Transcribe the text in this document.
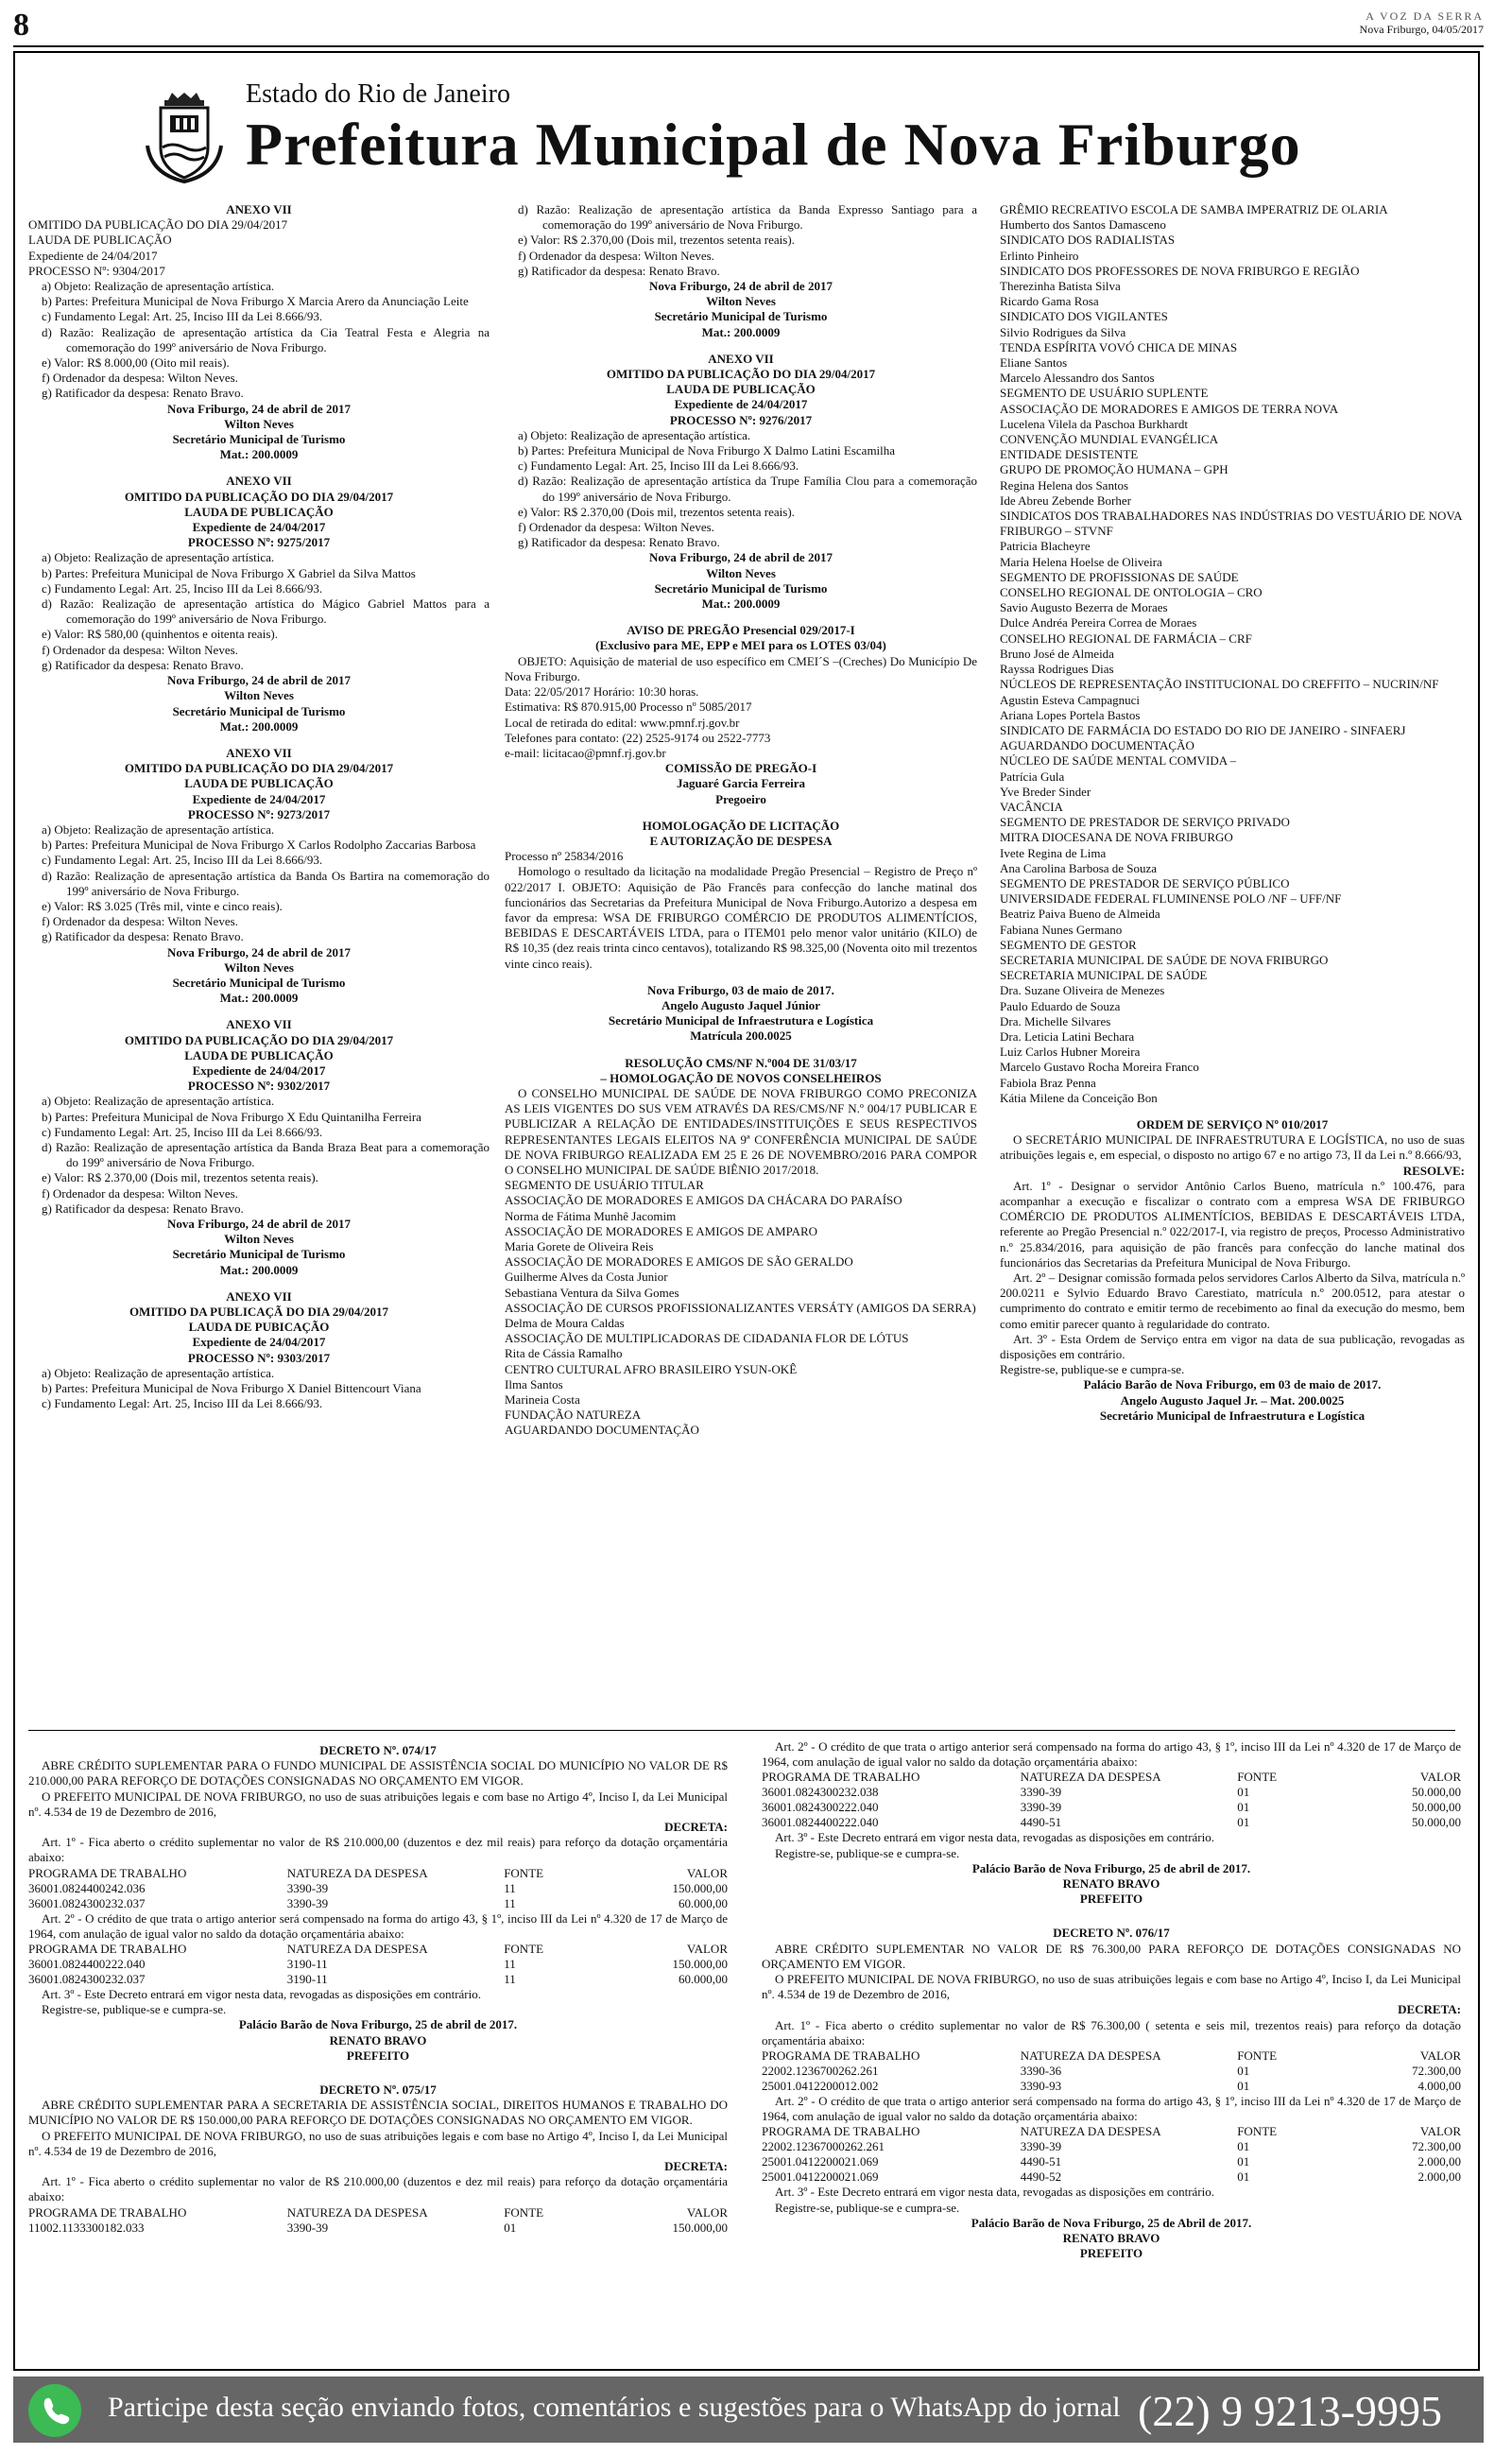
8	A VOZ DA SERRA
Nova Friburgo, 04/05/2017
Estado do Rio de Janeiro
Prefeitura Municipal de Nova Friburgo

ANEXO VII

OMITIDO DA PUBLICAÇÃO DO DIA 29/04/2017

LAUDA DE PUBLICAÇÃO

Expediente de 24/04/2017

PROCESSO Nº: 9304/2017

a) Objeto: Realização de apresentação artística.

b) Partes: Prefeitura Municipal de Nova Friburgo X Marcia Arero da Anunciação Leite

c) Fundamento Legal: Art. 25, Inciso III da Lei 8.666/93.

d) Razão: Realização de apresentação artística da Cia Teatral Festa e Alegria na comemoração do 199º aniversário de Nova Friburgo.

e) Valor: R$ 8.000,00 (Oito mil reais).

f) Ordenador da despesa: Wilton Neves.

g) Ratificador da despesa: Renato Bravo.

Nova Friburgo, 24 de abril de 2017

Wilton Neves

Secretário Municipal de Turismo

Mat.: 200.0009

ANEXO VII

OMITIDO DA PUBLICAÇÃO DO DIA 29/04/2017

LAUDA DE PUBLICAÇÃO

Expediente de 24/04/2017

PROCESSO Nº: 9275/2017

a) Objeto: Realização de apresentação artística.

b) Partes: Prefeitura Municipal de Nova Friburgo X Gabriel da Silva Mattos

c) Fundamento Legal: Art. 25, Inciso III da Lei 8.666/93.

d) Razão: Realização de apresentação artística do Mágico Gabriel Mattos para a comemoração do 199º aniversário de Nova Friburgo.

e) Valor: R$ 580,00 (quinhentos e oitenta reais).

f) Ordenador da despesa: Wilton Neves.

g) Ratificador da despesa: Renato Bravo.

Nova Friburgo, 24 de abril de 2017

Wilton Neves

Secretário Municipal de Turismo

Mat.: 200.0009

ANEXO VII

OMITIDO DA PUBLICAÇÃO DO DIA 29/04/2017

LAUDA DE PUBLICAÇÃO

Expediente de 24/04/2017

PROCESSO Nº: 9273/2017

a) Objeto: Realização de apresentação artística.

b) Partes: Prefeitura Municipal de Nova Friburgo X Carlos Rodolpho Zaccarias Barbosa

c) Fundamento Legal: Art. 25, Inciso III da Lei 8.666/93.

d) Razão: Realização de apresentação artística da Banda Os Bartira na comemoração do 199º aniversário de Nova Friburgo.

e) Valor: R$ 3.025 (Três mil, vinte e cinco reais).

f) Ordenador da despesa: Wilton Neves.

g) Ratificador da despesa: Renato Bravo.

Nova Friburgo, 24 de abril de 2017

Wilton Neves

Secretário Municipal de Turismo

Mat.: 200.0009

ANEXO VII

OMITIDO DA PUBLICAÇÃO DO DIA 29/04/2017

LAUDA DE PUBLICAÇÃO

Expediente de 24/04/2017

PROCESSO Nº: 9302/2017

a) Objeto: Realização de apresentação artística.

b) Partes: Prefeitura Municipal de Nova Friburgo X Edu Quintanilha Ferreira

c) Fundamento Legal: Art. 25, Inciso III da Lei 8.666/93.

d) Razão: Realização de apresentação artística da Banda Braza Beat para a comemoração do 199º aniversário de Nova Friburgo.

e) Valor: R$ 2.370,00 (Dois mil, trezentos setenta reais).

f) Ordenador da despesa: Wilton Neves.

g) Ratificador da despesa: Renato Bravo.

Nova Friburgo, 24 de abril de 2017

Wilton Neves

Secretário Municipal de Turismo

Mat.: 200.0009

ANEXO VII

OMITIDO DA PUBLICAÇÃ DO DIA 29/04/2017

LAUDA DE PUBICAÇÃO

Expediente de 24/04/2017

PROCESSO Nº: 9303/2017

a) Objeto: Realização de apresentação artística.

b) Partes: Prefeitura Municipal de Nova Friburgo X Daniel Bittencourt Viana

c) Fundamento Legal: Art. 25, Inciso III da Lei 8.666/93.

d) Razão: Realização de apresentação artística da Banda Expresso Santiago para a comemoração do 199º aniversário de Nova Friburgo.

e) Valor: R$ 2.370,00 (Dois mil, trezentos setenta reais).

f) Ordenador da despesa: Wilton Neves.

g) Ratificador da despesa: Renato Bravo.

Nova Friburgo, 24 de abril de 2017

Wilton Neves

Secretário Municipal de Turismo

Mat.: 200.0009

ANEXO VII

OMITIDO DA PUBLICAÇÃO DO DIA 29/04/2017

LAUDA DE PUBLICAÇÃO

Expediente de 24/04/2017

PROCESSO Nº: 9276/2017

a) Objeto: Realização de apresentação artística.

b) Partes: Prefeitura Municipal de Nova Friburgo X Dalmo Latini Escamilha

c) Fundamento Legal: Art. 25, Inciso III da Lei 8.666/93.

d) Razão: Realização de apresentação artística da Trupe Família Clou para a comemoração do 199º aniversário de Nova Friburgo.

e) Valor: R$ 2.370,00 (Dois mil, trezentos setenta reais).

f) Ordenador da despesa: Wilton Neves.

g) Ratificador da despesa: Renato Bravo.

Nova Friburgo, 24 de abril de 2017

Wilton Neves

Secretário Municipal de Turismo

Mat.: 200.0009

AVISO DE PREGÃO Presencial 029/2017-I

(Exclusivo para ME, EPP e MEI para os LOTES 03/04)

OBJETO: Aquisição de material de uso específico em CMEI´S –(Creches) Do Município De Nova Friburgo.

Data: 22/05/2017 Horário: 10:30 horas.

Estimativa: R$ 870.915,00 Processo nº 5085/2017

Local de retirada do edital: www.pmnf.rj.gov.br

Telefones para contato: (22) 2525-9174 ou 2522-7773

e-mail: licitacao@pmnf.rj.gov.br

COMISSÃO DE PREGÃO-I

Jaguaré Garcia Ferreira

Pregoeiro

HOMOLOGAÇÃO DE LICITAÇÃO

E AUTORIZAÇÃO DE DESPESA

Processo nº 25834/2016

Homologo o resultado da licitação na modalidade Pregão Presencial – Registro de Preço nº 022/2017 I. OBJETO: Aquisição de Pão Francês para confecção do lanche matinal dos funcionários das Secretarias da Prefeitura Municipal de Nova Friburgo.Autorizo a despesa em favor da empresa: WSA DE FRIBURGO COMÉRCIO DE PRODUTOS ALIMENTÍCIOS, BEBIDAS E DESCARTÁVEIS LTDA, para o ITEM01 pelo menor valor unitário (KILO) de R$ 10,35 (dez reais trinta cinco centavos), totalizando R$ 98.325,00 (Noventa oito mil trezentos vinte cinco reais).

Nova Friburgo, 03 de maio de 2017.

Angelo Augusto Jaquel Júnior

Secretário Municipal de Infraestrutura e Logística

Matrícula 200.0025

RESOLUÇÃO CMS/NF N.º004 DE 31/03/17

– HOMOLOGAÇÃO DE NOVOS CONSELHEIROS

O CONSELHO MUNICIPAL DE SAÚDE DE NOVA FRIBURGO COMO PRECONIZA AS LEIS VIGENTES DO SUS VEM ATRAVÉS DA RES/CMS/NF N.º 004/17 PUBLICAR E PUBLICIZAR A RELAÇÃO DE ENTIDADES/INSTITUIÇÕES E SEUS RESPECTIVOS REPRESENTANTES LEGAIS ELEITOS NA 9ª CONFERÊNCIA MUNICIPAL DE SAÚDE DE NOVA FRIBURGO REALIZADA EM 25 E 26 DE NOVEMBRO/2016 PARA COMPOR O CONSELHO MUNICIPAL DE SAÚDE BIÊNIO 2017/2018.

SEGMENTO DE USUÁRIO TITULAR

ASSOCIAÇÃO DE MORADORES E AMIGOS DA CHÁCARA DO PARAÍSO

Norma de Fátima Munhê Jacomim

ASSOCIAÇÃO DE MORADORES E AMIGOS DE AMPARO

Maria Gorete de Oliveira Reis

ASSOCIAÇÃO DE MORADORES E AMIGOS DE SÃO GERALDO

Guilherme Alves da Costa Junior

Sebastiana Ventura da Silva Gomes

ASSOCIAÇÃO DE CURSOS PROFISSIONALIZANTES VERSÁTY (AMIGOS DA SERRA)

Delma de Moura Caldas

ASSOCIAÇÃO DE MULTIPLICADORAS DE CIDADANIA FLOR DE LÓTUS

Rita de Cássia Ramalho

CENTRO CULTURAL AFRO BRASILEIRO YSUN-OKÊ

Ilma Santos

Marineia Costa

FUNDAÇÃO NATUREZA

AGUARDANDO DOCUMENTAÇÃO

GRÊMIO RECREATIVO ESCOLA DE SAMBA IMPERATRIZ DE OLARIA

Humberto dos Santos Damasceno

SINDICATO DOS RADIALISTAS

Erlinto Pinheiro

SINDICATO DOS PROFESSORES DE NOVA FRIBURGO E REGIÃO

Therezinha Batista Silva

Ricardo Gama Rosa

SINDICATO DOS VIGILANTES

Silvio Rodrigues da Silva

TENDA ESPÍRITA VOVÓ CHICA DE MINAS

Eliane Santos

Marcelo Alessandro dos Santos

SEGMENTO DE USUÁRIO SUPLENTE

ASSOCIAÇÃO DE MORADORES E AMIGOS DE TERRA NOVA

Lucelena Vilela da Paschoa Burkhardt

CONVENÇÃO MUNDIAL EVANGÉLICA

ENTIDADE DESISTENTE

GRUPO DE PROMOÇÃO HUMANA – GPH

Regina Helena dos Santos

Ide Abreu Zebende Borher

SINDICATOS DOS TRABALHADORES NAS INDÚSTRIAS DO VESTUÁRIO DE NOVA FRIBURGO – STVNF

Patricia Blacheyre

Maria Helena Hoelse de Oliveira

SEGMENTO DE PROFISSIONAS DE SAÚDE

CONSELHO REGIONAL DE ONTOLOGIA – CRO

Savio Augusto Bezerra de Moraes

Dulce Andréa Pereira Correa de Moraes

CONSELHO REGIONAL DE FARMÁCIA – CRF

Bruno José de Almeida

Rayssa Rodrigues Dias

NÚCLEOS DE REPRESENTAÇÃO INSTITUCIONAL DO CREFFITO – NUCRIN/NF

Agustin Esteva Campagnuci

Ariana Lopes Portela Bastos

SINDICATO DE FARMÁCIA DO ESTADO DO RIO DE JANEIRO - SINFAERJ

AGUARDANDO DOCUMENTAÇÃO

NÚCLEO DE SAÚDE MENTAL COMVIDA –

Patrícia Gula

Yve Breder Sinder

VACÂNCIA

SEGMENTO DE PRESTADOR DE SERVIÇO PRIVADO

MITRA DIOCESANA DE NOVA FRIBURGO

Ivete Regina de Lima

Ana Carolina Barbosa de Souza

SEGMENTO DE PRESTADOR DE SERVIÇO PÚBLICO

UNIVERSIDADE FEDERAL FLUMINENSE POLO /NF – UFF/NF

Beatriz Paiva Bueno de Almeida

Fabiana Nunes Germano

SEGMENTO DE GESTOR

SECRETARIA MUNICIPAL DE SAÚDE DE NOVA FRIBURGO

SECRETARIA MUNICIPAL DE SAÚDE

Dra. Suzane Oliveira de Menezes

Paulo Eduardo de Souza

Dra. Michelle Silvares

Dra. Leticia Latini Bechara

Luiz Carlos Hubner Moreira

Marcelo Gustavo Rocha Moreira Franco

Fabiola Braz Penna

Kátia Milene da Conceição Bon

ORDEM DE SERVIÇO Nº 010/2017

O SECRETÁRIO MUNICIPAL DE INFRAESTRUTURA E LOGÍSTICA, no uso de suas atribuições legais e, em especial, o disposto no artigo 67 e no artigo 73, II da Lei n.º 8.666/93,

RESOLVE:

Art. 1º - Designar o servidor Antônio Carlos Bueno, matrícula n.º 100.476, para acompanhar a execução e fiscalizar o contrato com a empresa WSA DE FRIBURGO COMÉRCIO DE PRODUTOS ALIMENTÍCIOS, BEBIDAS E DESCARTÁVEIS LTDA, referente ao Pregão Presencial n.º 022/2017-I, via registro de preços, Processo Administrativo n.º 25.834/2016, para aquisição de pão francês para confecção do lanche matinal dos funcionários das Secretarias da Prefeitura Municipal de Nova Friburgo.

Art. 2º – Designar comissão formada pelos servidores Carlos Alberto da Silva, matrícula n.º 200.0211 e Sylvio Eduardo Bravo Carestiato, matrícula n.º 200.0512, para atestar o cumprimento do contrato e emitir termo de recebimento ao final da execução do mesmo, bem como emitir parecer quanto à regularidade do contrato.

Art. 3º - Esta Ordem de Serviço entra em vigor na data de sua publicação, revogadas as disposições em contrário.

Registre-se, publique-se e cumpra-se.

Palácio Barão de Nova Friburgo, em 03 de maio de 2017.

Angelo Augusto Jaquel Jr. – Mat. 200.0025

Secretário Municipal de Infraestrutura e Logística

DECRETO Nº. 074/17

ABRE CRÉDITO SUPLEMENTAR PARA O FUNDO MUNICIPAL DE ASSISTÊNCIA SOCIAL DO MUNICÍPIO NO VALOR DE R$ 210.000,00 PARA REFORÇO DE DOTAÇÕES CONSIGNADAS NO ORÇAMENTO EM VIGOR.

O PREFEITO MUNICIPAL DE NOVA FRIBURGO, no uso de suas atribuições legais e com base no Artigo 4º, Inciso I, da Lei Municipal nº. 4.534 de 19 de Dezembro de 2016,

DECRETA:

Art. 1º - Fica aberto o crédito suplementar no valor de R$ 210.000,00 (duzentos e dez mil reais) para reforço da dotação orçamentária abaixo:

PROGRAMA DE TRABALHO	NATUREZA DA DESPESA	FONTE	VALOR
36001.0824400242.036	3390-39	11	150.000,00
36001.0824300232.037	3390-39	11	60.000,00

Art. 2º - O crédito de que trata o artigo anterior será compensado na forma do artigo 43, § 1º, inciso III da Lei nº 4.320 de 17 de Março de 1964, com anulação de igual valor no saldo da dotação orçamentária abaixo:

PROGRAMA DE TRABALHO	NATUREZA DA DESPESA	FONTE	VALOR
36001.0824400222.040	3190-11	11	150.000,00
36001.0824300232.037	3190-11	11	60.000,00

Art. 3º - Este Decreto entrará em vigor nesta data, revogadas as disposições em contrário.

Registre-se, publique-se e cumpra-se.

Palácio Barão de Nova Friburgo, 25 de abril de 2017.

RENATO BRAVO

PREFEITO

DECRETO Nº. 075/17

ABRE CRÉDITO SUPLEMENTAR PARA A SECRETARIA DE ASSISTÊNCIA SOCIAL, DIREITOS HUMANOS E TRABALHO DO MUNICÍPIO NO VALOR DE R$ 150.000,00 PARA REFORÇO DE DOTAÇÕES CONSIGNADAS NO ORÇAMENTO EM VIGOR.

O PREFEITO MUNICIPAL DE NOVA FRIBURGO, no uso de suas atribuições legais e com base no Artigo 4º, Inciso I, da Lei Municipal nº. 4.534 de 19 de Dezembro de 2016,

DECRETA:

Art. 1º - Fica aberto o crédito suplementar no valor de R$ 210.000,00 (duzentos e dez mil reais) para reforço da dotação orçamentária abaixo:

PROGRAMA DE TRABALHO	NATUREZA DA DESPESA	FONTE	VALOR
11002.1133300182.033	3390-39	01	150.000,00

Art. 2º - O crédito de que trata o artigo anterior será compensado na forma do artigo 43, § 1º, inciso III da Lei nº 4.320 de 17 de Março de 1964, com anulação de igual valor no saldo da dotação orçamentária abaixo:

PROGRAMA DE TRABALHO	NATUREZA DA DESPESA	FONTE	VALOR
36001.0824300232.038	3390-39	01	50.000,00
36001.0824300222.040	3390-39	01	50.000,00
36001.0824400222.040	4490-51	01	50.000,00

Art. 3º - Este Decreto entrará em vigor nesta data, revogadas as disposições em contrário.

Registre-se, publique-se e cumpra-se.

Palácio Barão de Nova Friburgo, 25 de abril de 2017.

RENATO BRAVO

PREFEITO

DECRETO Nº. 076/17

ABRE CRÉDITO SUPLEMENTAR NO VALOR DE R$ 76.300,00 PARA REFORÇO DE DOTAÇÕES CONSIGNADAS NO ORÇAMENTO EM VIGOR.

O PREFEITO MUNICIPAL DE NOVA FRIBURGO, no uso de suas atribuições legais e com base no Artigo 4º, Inciso I, da Lei Municipal nº. 4.534 de 19 de Dezembro de 2016,

DECRETA:

Art. 1º - Fica aberto o crédito suplementar no valor de R$ 76.300,00 ( setenta e seis mil, trezentos reais) para reforço da dotação orçamentária abaixo:

PROGRAMA DE TRABALHO	NATUREZA DA DESPESA	FONTE	VALOR
22002.1236700262.261	3390-36	01	72.300,00
25001.0412200012.002	3390-93	01	4.000,00

Art. 2º - O crédito de que trata o artigo anterior será compensado na forma do artigo 43, § 1º, inciso III da Lei nº 4.320 de 17 de Março de 1964, com anulação de igual valor no saldo da dotação orçamentária abaixo:

PROGRAMA DE TRABALHO	NATUREZA DA DESPESA	FONTE	VALOR
22002.12367000262.261	3390-39	01	72.300,00
25001.0412200021.069	4490-51	01	2.000,00
25001.0412200021.069	4490-52	01	2.000,00

Art. 3º - Este Decreto entrará em vigor nesta data, revogadas as disposições em contrário.

Registre-se, publique-se e cumpra-se.

Palácio Barão de Nova Friburgo, 25 de Abril de 2017.

RENATO BRAVO

PREFEITO

Participe desta seção enviando fotos, comentários e sugestões para o WhatsApp do jornal (22) 9 9213-9995
